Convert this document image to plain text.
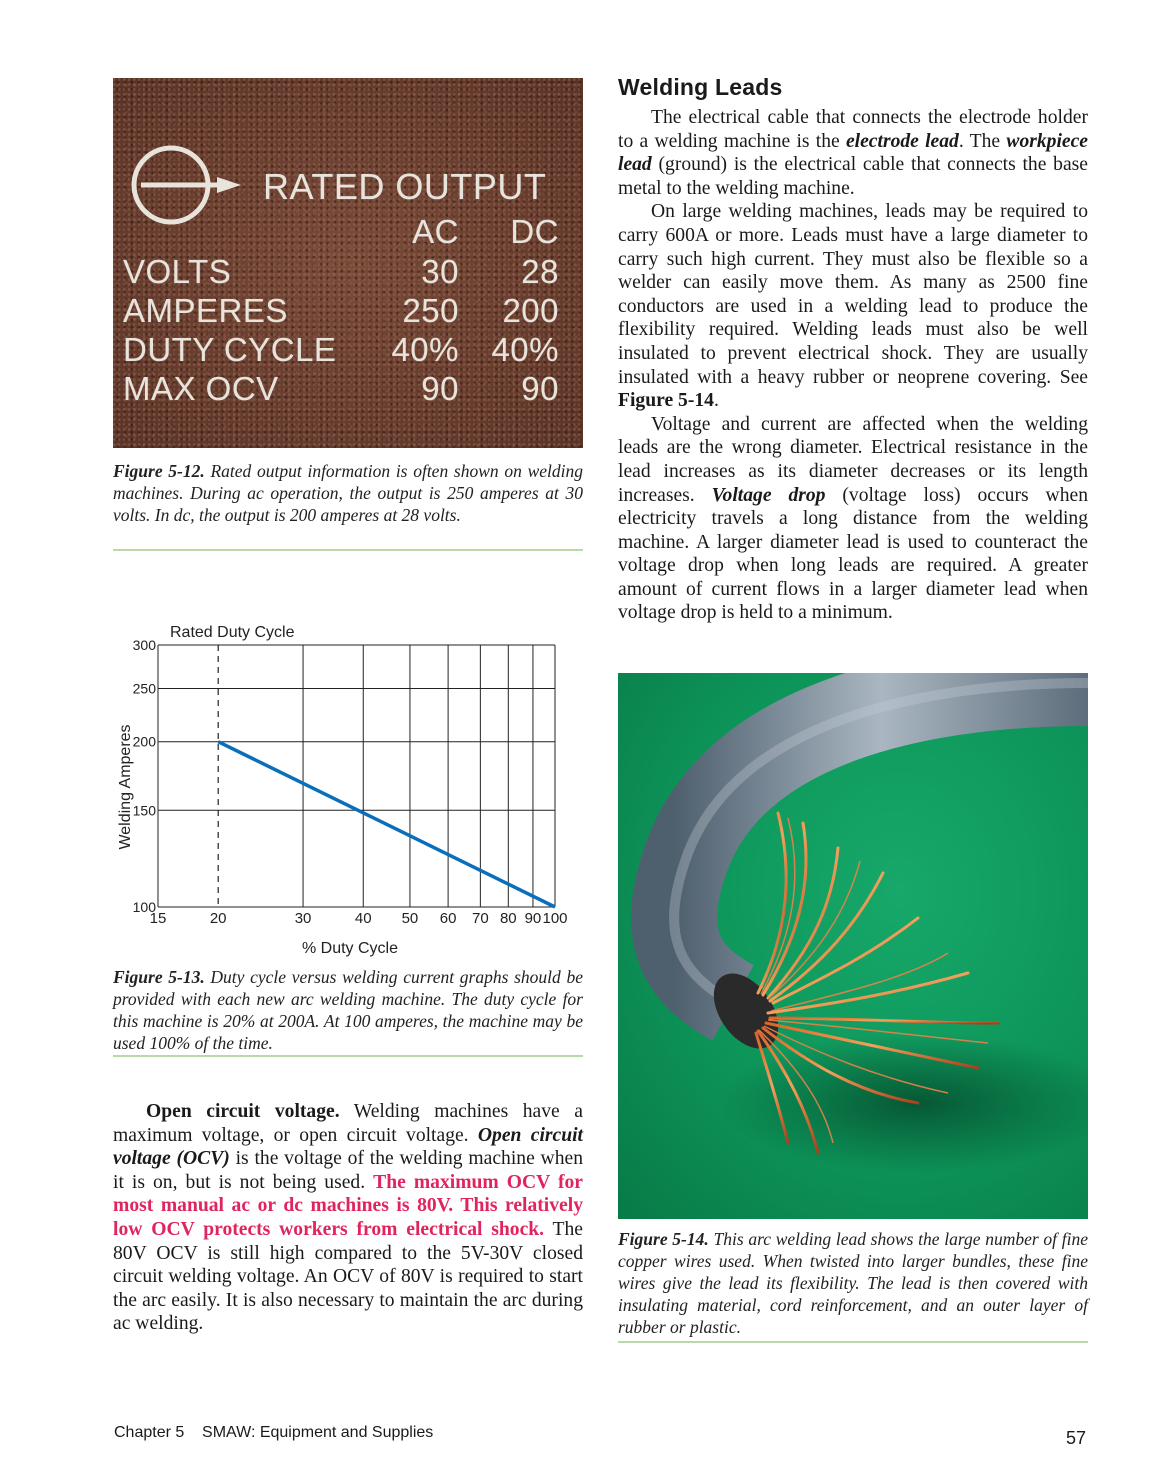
RATED OUTPUT
AC	DC
VOLTS	30	28
AMPERES	250	200
DUTY CYCLE	40% 40%
MAX OCV	90	90
Figure 5-12. Rated output information is often shown on welding machines. During ac operation, the output is 250 amperes at 30 volts. In dc, the output is 200 amperes at 28 volts.
Rated Duty Cycle
15	20	30	40 50 60 70 80 90 100
100
150
200
250
300
% Duty Cycle
Welding Amperes
Figure 5-13. Duty cycle versus welding current graphs should be provided with each new arc welding machine. The duty cycle for this machine is 20% at 200A. At 100 amperes, the machine may be used 100% of the time.

Open circuit voltage. Welding machines have a maximum voltage, or open circuit voltage. Open circuit voltage (OCV) is the voltage of the welding machine when it is on, but is not being used. The maximum OCV for most manual ac or dc machines is 80V. This relatively low OCV protects workers from electrical shock. The 80V OCV is still high compared to the 5V-30V closed circuit welding voltage. An OCV of 80V is required to start the arc easily. It is also necessary to maintain the arc during ac welding.

Welding Leads

The electrical cable that connects the electrode holder to a welding machine is the electrode lead. The workpiece lead (ground) is the electrical cable that connects the base metal to the welding machine.

On large welding machines, leads may be required to carry 600A or more. Leads must have a large diameter to carry such high current. They must also be flexible so a welder can easily move them. As many as 2500 fine conductors are used in a welding lead to produce the flexibility required. Welding leads must also be well insulated to prevent electrical shock. They are usually insulated with a heavy rubber or neoprene covering. See Figure 5-14.

Voltage and current are affected when the welding leads are the wrong diameter. Electrical resistance in the lead increases as its diameter decreases or its length increases. Voltage drop (voltage loss) occurs when electricity travels a long distance from the welding machine. A larger diameter lead is used to counteract the voltage drop when long leads are required. A greater amount of current flows in a larger diameter lead when voltage drop is held to a minimum.

Figure 5-14. This arc welding lead shows the large number of fine copper wires used. When twisted into larger bundles, these fine wires give the lead its flexibility. The lead is then covered with insulating material, cord reinforcement, and an outer layer of rubber or plastic.
Chapter 5 SMAW: Equipment and Supplies	57
